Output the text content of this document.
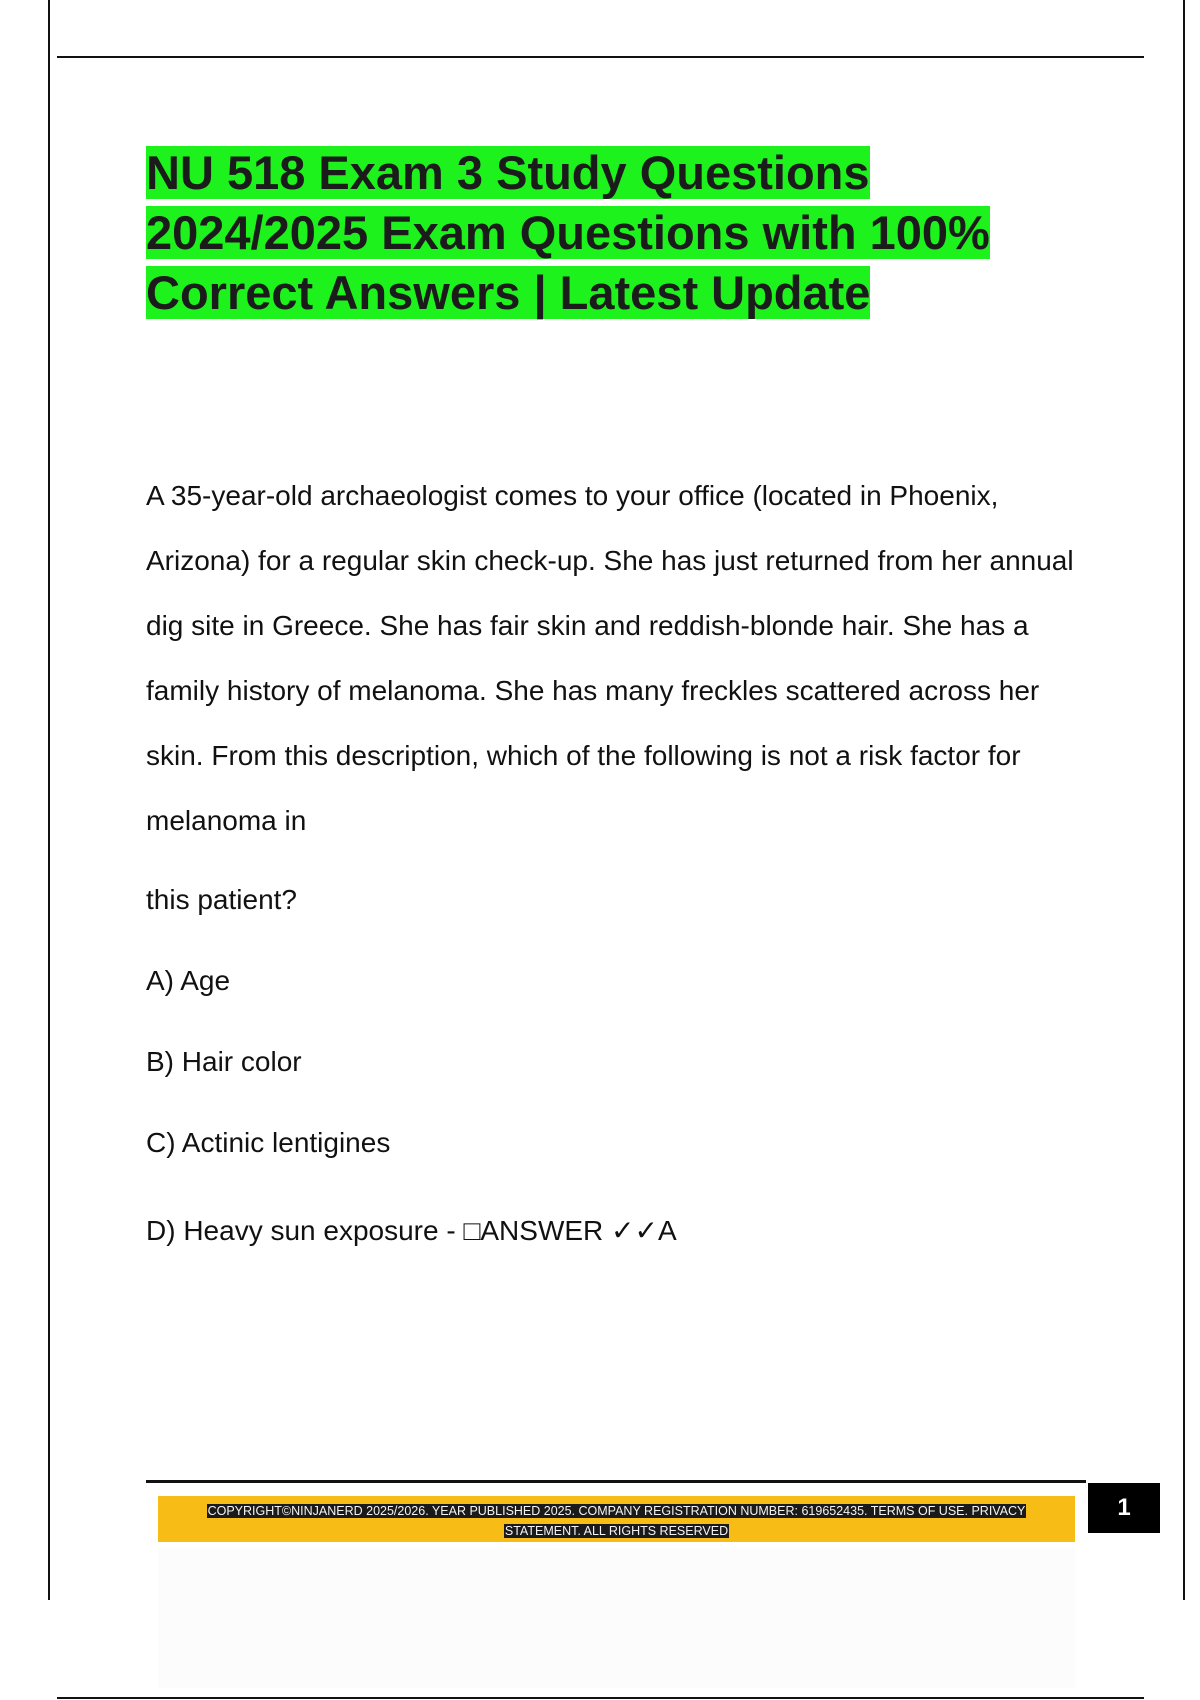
NU 518 Exam 3 Study Questions
2024/2025 Exam Questions with 100%
Correct Answers | Latest Update
A 35-year-old archaeologist comes to your office (located in Phoenix,
Arizona) for a regular skin check-up. She has just returned from her annual
dig site in Greece. She has fair skin and reddish-blonde hair. She has a
family history of melanoma. She has many freckles scattered across her
skin. From this description, which of the following is not a risk factor for
melanoma in
this patient?
A) Age
B) Hair color
C) Actinic lentigines
D) Heavy sun exposure - □ANSWER ✓✓A
COPYRIGHT©NINJANERD 2025/2026. YEAR PUBLISHED 2025. COMPANY REGISTRATION NUMBER: 619652435. TERMS OF USE. PRIVACY
STATEMENT. ALL RIGHTS RESERVED
1
